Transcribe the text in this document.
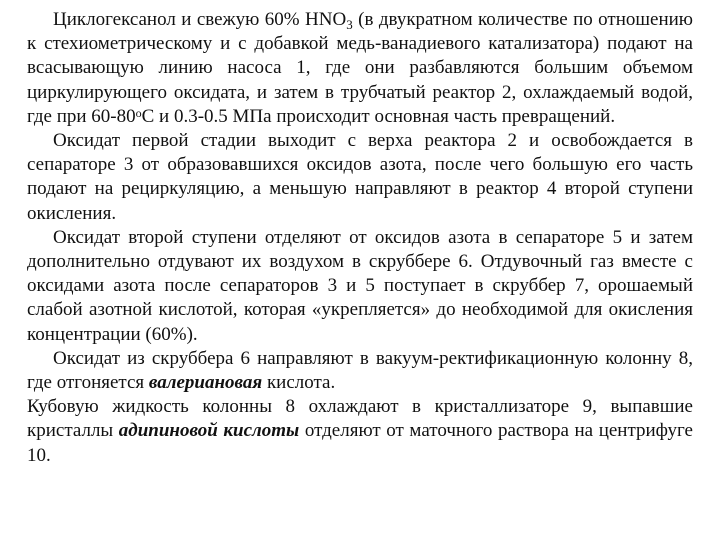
Циклогексанол и свежую 60% $HNO_3$ (в двукратном количестве по отношению к стехиометрическому и с добавкой медь-ванадиевого катализатора) подают на всасывающую линию насоса 1, где они разбавляются большим объемом циркулирующего оксидата, и затем в трубчатый реактор 2, охлаждаемый водой, где при $60-80^оС$ и 0.3-0.5 МПа происходит основная часть превращений.

Оксидат первой стадии выходит с верха реактора 2 и освобождается в сепараторе 3 от образовавшихся оксидов азота, после чего большую его часть подают на рециркуляцию, а меньшую направляют в реактор 4 второй ступени окисления.

Оксидат второй ступени отделяют от оксидов азота в сепараторе 5 и затем дополнительно отдувают их воздухом в скруббере 6. Отдувочный газ вместе с оксидами азота после сепараторов 3 и 5 поступает в скруббер 7, орошаемый слабой азотной кислотой, которая «укрепляется» до необходимой для окисления концентрации (60%).

Оксидат из скруббера 6 направляют в вакуум-ректификационную колонну 8, где отгоняется валериановая кислота.

Кубовую жидкость колонны 8 охлаждают в кристаллизаторе 9, выпавшие кристаллы адипиновой кислоты отделяют от маточного раствора на центрифуге 10.
